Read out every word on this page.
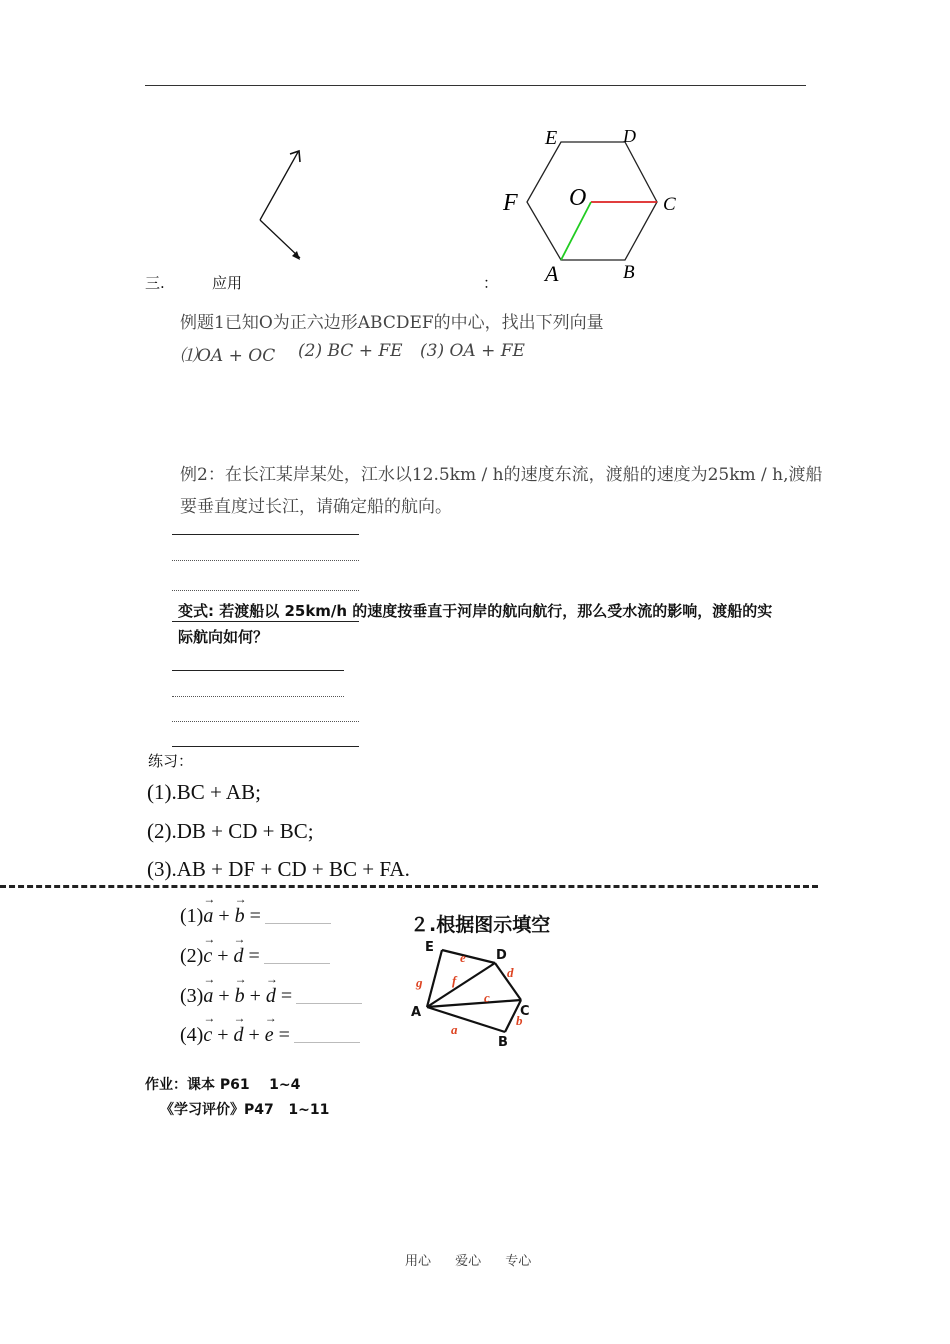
E	D
F O	C
A	B
三.	应用	：
例题1已知O为正六边形ABCDEF的中心，找出下列向量
⑴OA + OC (2) BC + FE (3) OA + FE
例2：在长江某岸某处，江水以12.5km / h的速度东流，渡船的速度为25km / h,渡船
要垂直度过长江，请确定船的航向。
变式: 若渡船以 25km/h 的速度按垂直于河岸的航向航行，那么受水流的影响，渡船的实
际航向如何？
练习：
(1).BC + AB;
(2).DB + CD + BC;
(3).AB + DF + CD + BC + FA.
(1)→ a + → b =
(2)→ c + → d =
(3)→ a + → b + → d =
(4)→ c + → d + → e =
２.根据图示填空
E
D
C
A
B
e
d
g f
c
a
b
作业：课本 P61    1~4
《学习评价》P47   1~11
用心 爱心 专心
